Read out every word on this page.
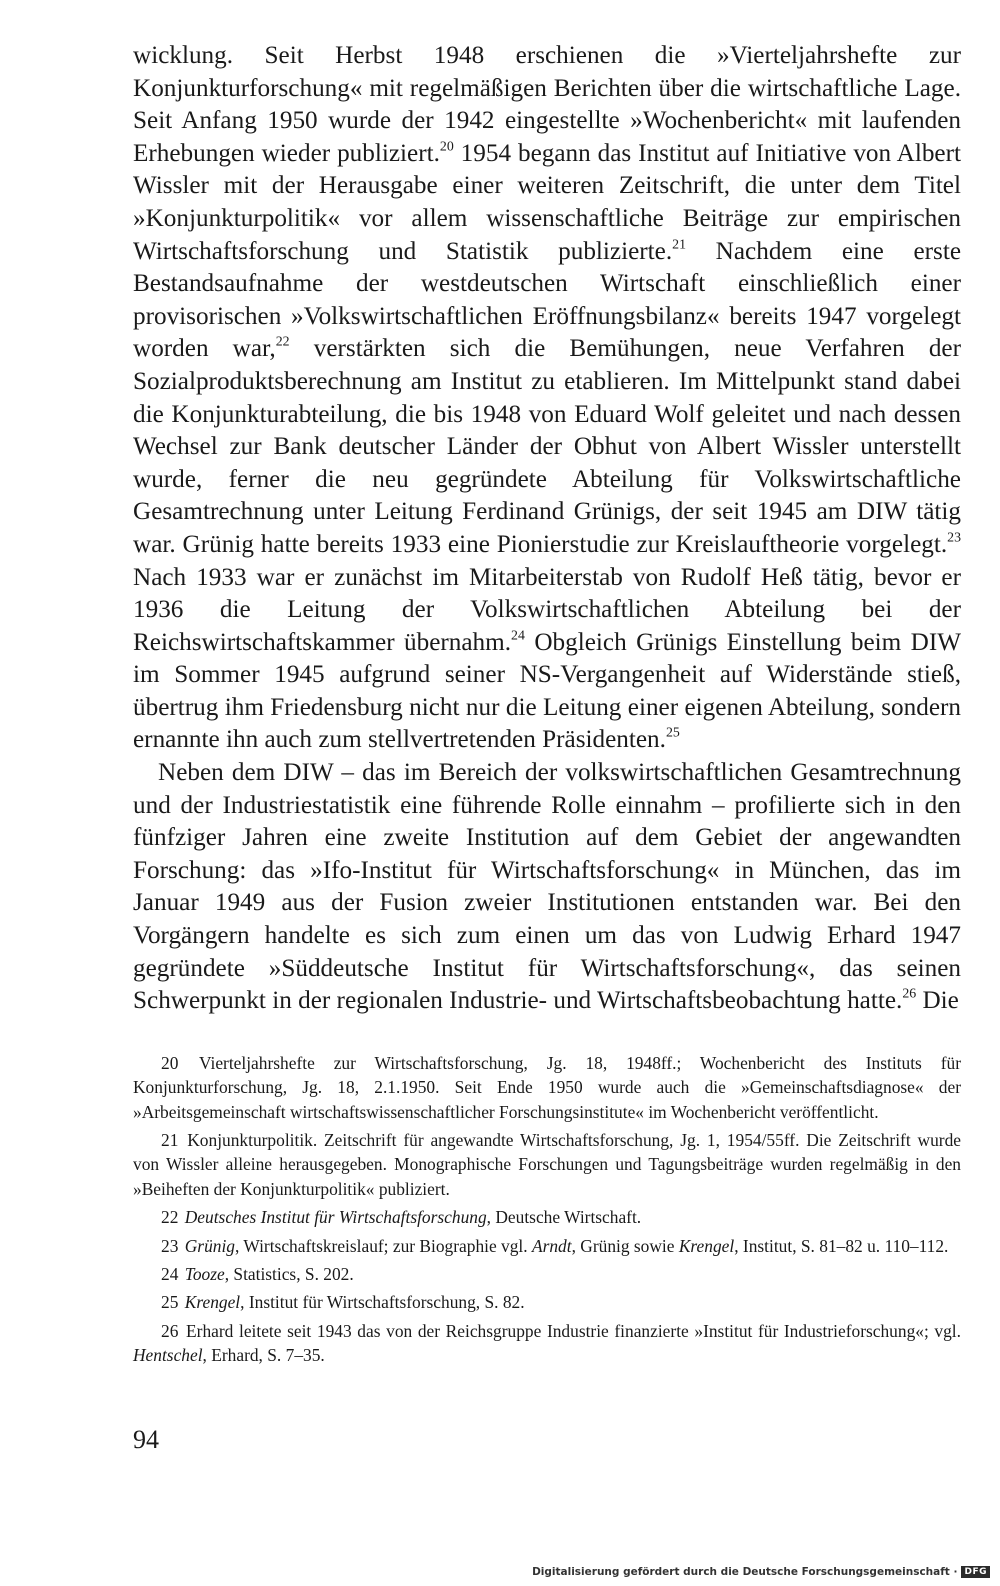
wicklung. Seit Herbst 1948 erschienen die »Vierteljahrshefte zur Konjunkturforschung« mit regelmäßigen Berichten über die wirtschaftliche Lage. Seit Anfang 1950 wurde der 1942 eingestellte »Wochenbericht« mit laufenden Erhebungen wieder publiziert.$^{20}$ 1954 begann das Institut auf Initiative von Albert Wissler mit der Herausgabe einer weiteren Zeitschrift, die unter dem Titel »Konjunkturpolitik« vor allem wissenschaftliche Beiträge zur empirischen Wirtschaftsforschung und Statistik publizierte.$^{21}$ Nachdem eine erste Bestandsaufnahme der westdeutschen Wirtschaft einschließlich einer provisorischen »Volkswirtschaftlichen Eröffnungsbilanz« bereits 1947 vorgelegt worden war,$^{22}$ verstärkten sich die Bemühungen, neue Verfahren der Sozialproduktsberechnung am Institut zu etablieren. Im Mittelpunkt stand dabei die Konjunkturabteilung, die bis 1948 von Eduard Wolf geleitet und nach dessen Wechsel zur Bank deutscher Länder der Obhut von Albert Wissler unterstellt wurde, ferner die neu gegründete Abteilung für Volkswirtschaftliche Gesamtrechnung unter Leitung Ferdinand Grünigs, der seit 1945 am DIW tätig war. Grünig hatte bereits 1933 eine Pionierstudie zur Kreislauftheorie vorgelegt.$^{23}$ Nach 1933 war er zunächst im Mitarbeiterstab von Rudolf Heß tätig, bevor er 1936 die Leitung der Volkswirtschaftlichen Abteilung bei der Reichswirtschaftskammer übernahm.$^{24}$ Obgleich Grünigs Einstellung beim DIW im Sommer 1945 aufgrund seiner NS-Vergangenheit auf Widerstände stieß, übertrug ihm Friedensburg nicht nur die Leitung einer eigenen Abteilung, sondern ernannte ihn auch zum stellvertretenden Präsidenten.$^{25}$

Neben dem DIW – das im Bereich der volkswirtschaftlichen Gesamtrechnung und der Industriestatistik eine führende Rolle einnahm – profilierte sich in den fünfziger Jahren eine zweite Institution auf dem Gebiet der angewandten Forschung: das »Ifo-Institut für Wirtschaftsforschung« in München, das im Januar 1949 aus der Fusion zweier Institutionen entstanden war. Bei den Vorgängern handelte es sich zum einen um das von Ludwig Erhard 1947 gegründete »Süddeutsche Institut für Wirtschaftsforschung«, das seinen Schwerpunkt in der regionalen Industrie- und Wirtschaftsbeobachtung hatte.$^{26}$ Die

20 Vierteljahrshefte zur Wirtschaftsforschung, Jg. 18, 1948ff.; Wochenbericht des Instituts für Konjunkturforschung, Jg. 18, 2.1.1950. Seit Ende 1950 wurde auch die »Gemeinschaftsdiagnose« der »Arbeitsgemeinschaft wirtschaftswissenschaftlicher Forschungsinstitute« im Wochenbericht veröffentlicht.

21 Konjunkturpolitik. Zeitschrift für angewandte Wirtschaftsforschung, Jg. 1, 1954/55ff. Die Zeitschrift wurde von Wissler alleine herausgegeben. Monographische Forschungen und Tagungsbeiträge wurden regelmäßig in den »Beiheften der Konjunkturpolitik« publiziert.

22 Deutsches Institut für Wirtschaftsforschung, Deutsche Wirtschaft.

23 Grünig, Wirtschaftskreislauf; zur Biographie vgl. Arndt, Grünig sowie Krengel, Institut, S. 81–82 u. 110–112.

24 Tooze, Statistics, S. 202.

25 Krengel, Institut für Wirtschaftsforschung, S. 82.

26 Erhard leitete seit 1943 das von der Reichsgruppe Industrie finanzierte »Institut für Industrieforschung«; vgl. Hentschel, Erhard, S. 7–35.

94
Digitalisierung gefördert durch die Deutsche Forschungsgemeinschaft · DFG
